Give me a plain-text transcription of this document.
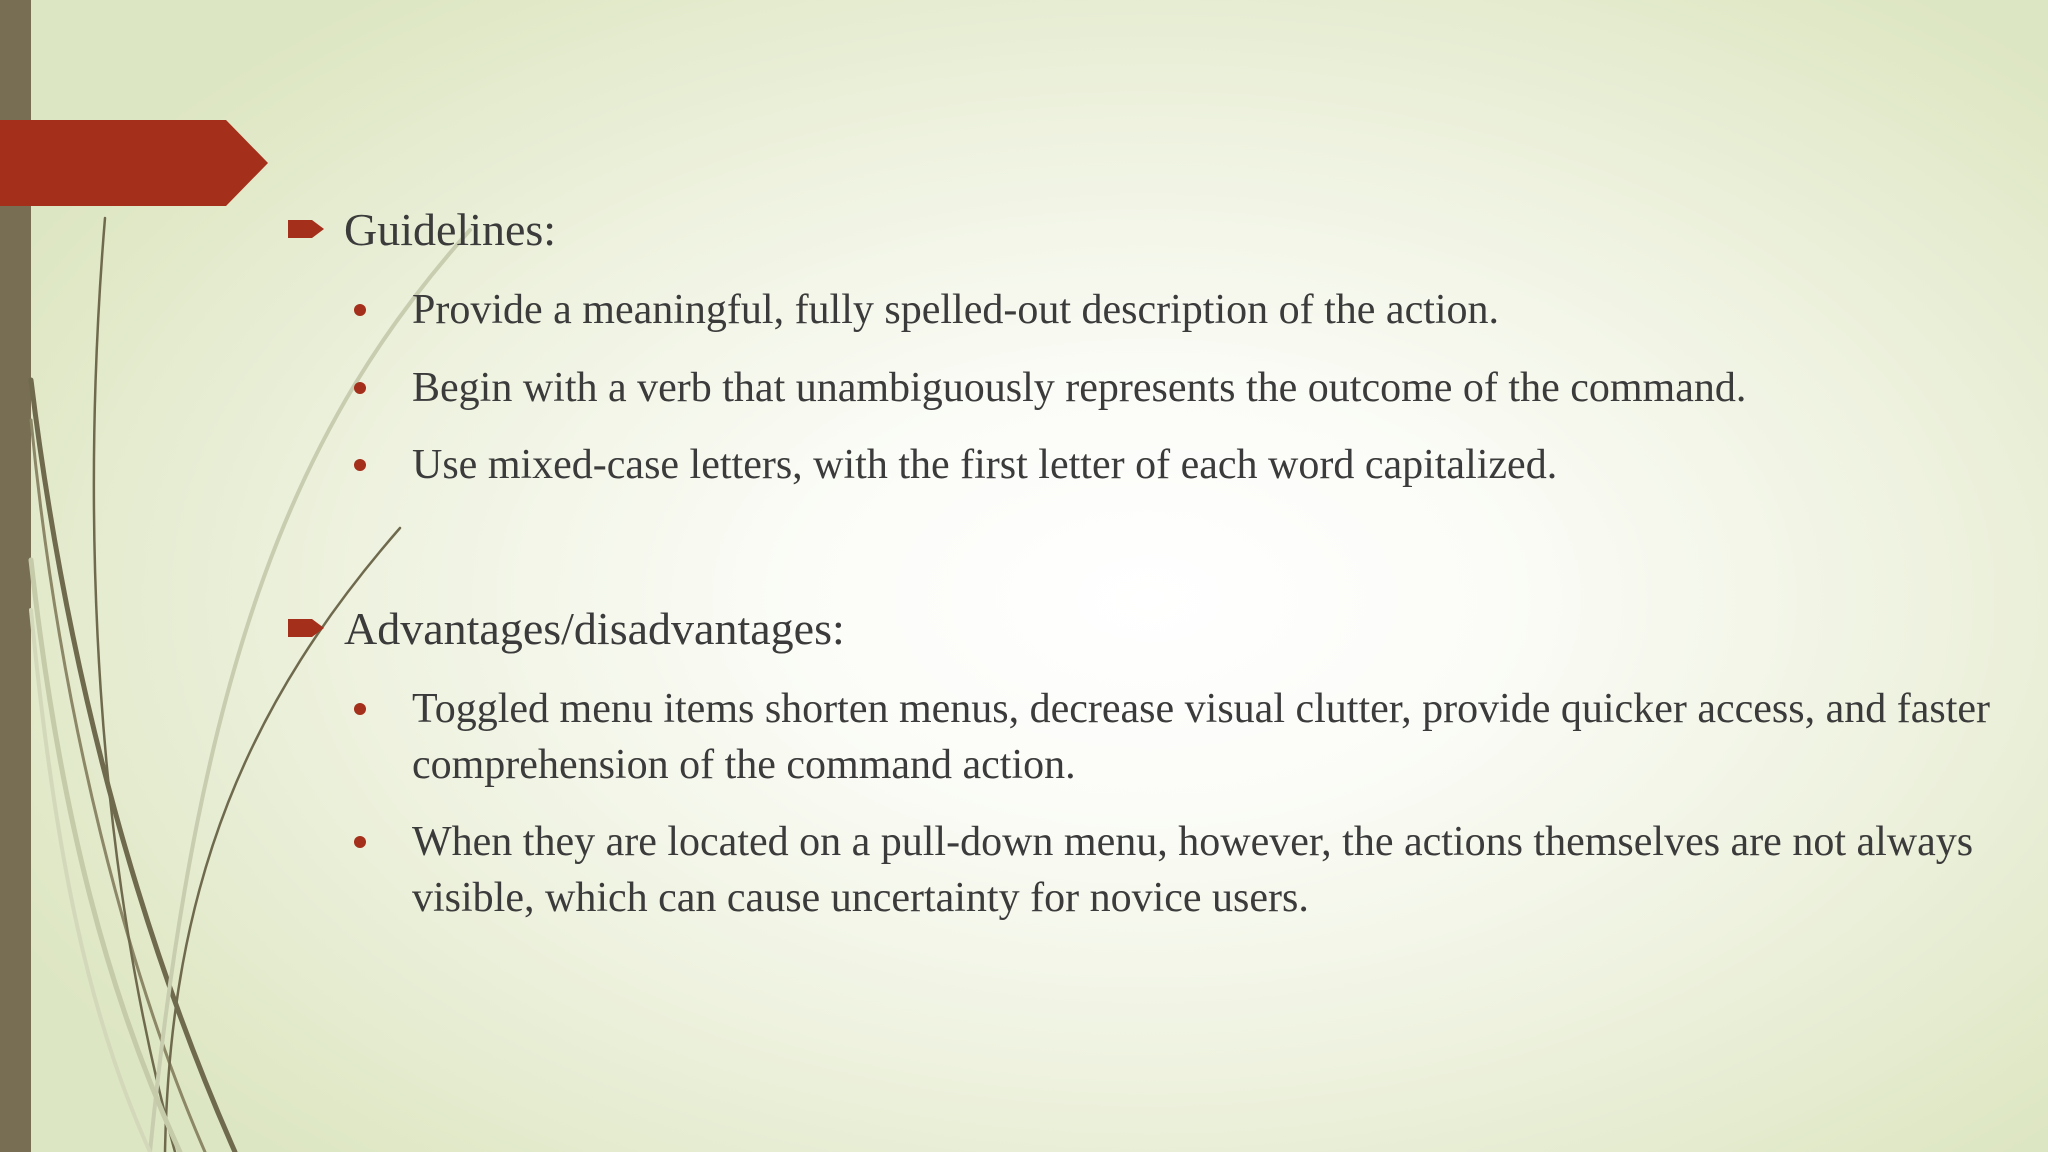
Guidelines:
Provide a meaningful, fully spelled-out description of the action.
Begin with a verb that unambiguously represents the outcome of the command.
Use mixed-case letters, with the first letter of each word capitalized.
Advantages/disadvantages:
Toggled menu items shorten menus, decrease visual clutter, provide quicker access, and faster comprehension of the command action.
When they are located on a pull-down menu, however, the actions themselves are not always visible, which can cause uncertainty for novice users.
